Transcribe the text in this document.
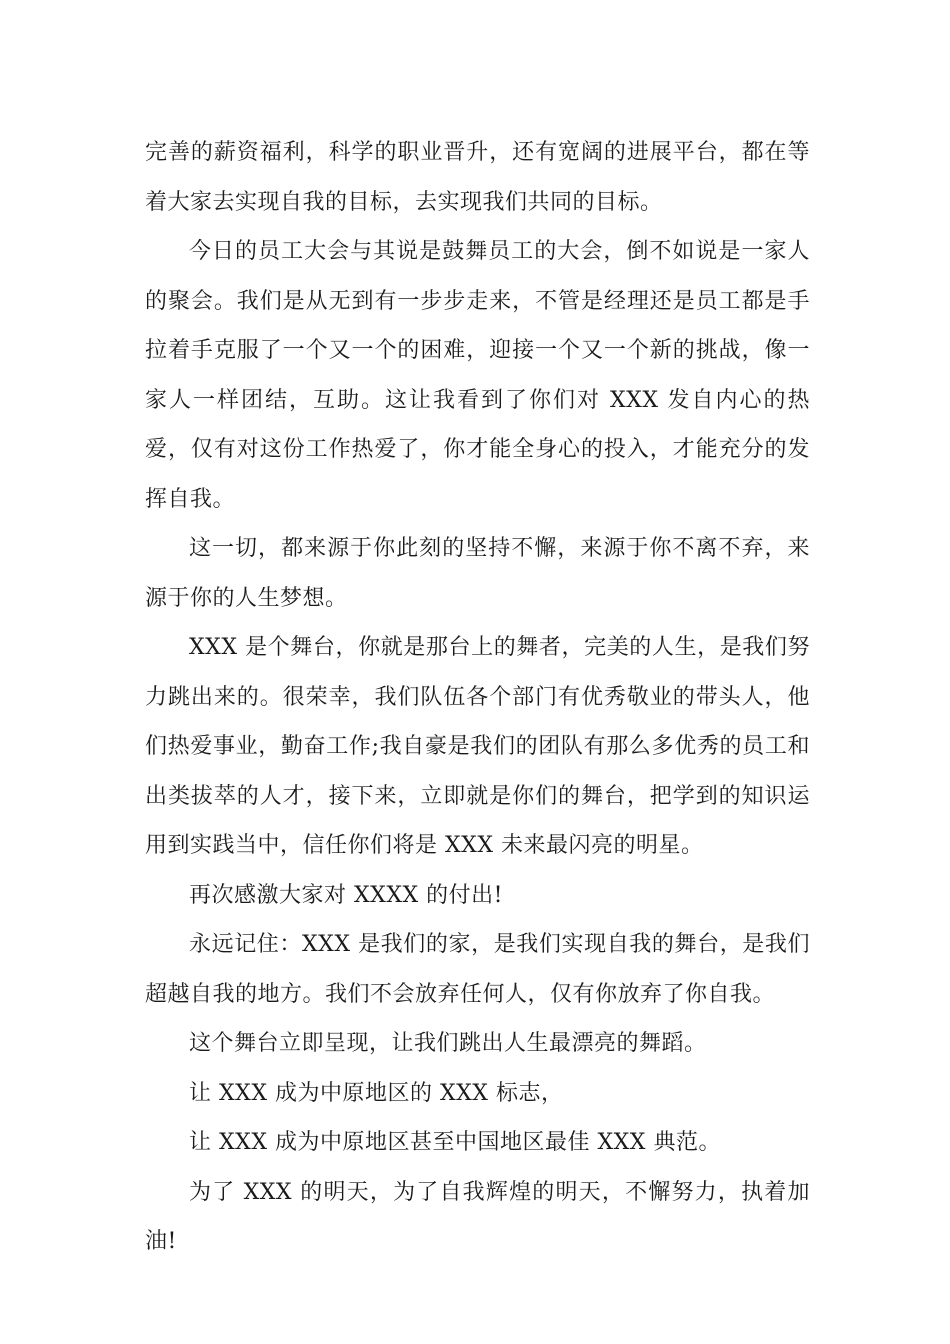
完善的薪资福利，科学的职业晋升，还有宽阔的进展平台，都在等着大家去实现自我的目标，去实现我们共同的目标。

今日的员工大会与其说是鼓舞员工的大会，倒不如说是一家人的聚会。我们是从无到有一步步走来，不管是经理还是员工都是手拉着手克服了一个又一个的困难，迎接一个又一个新的挑战，像一家人一样团结，互助。这让我看到了你们对 XXX 发自内心的热爱，仅有对这份工作热爱了，你才能全身心的投入，才能充分的发挥自我。

这一切，都来源于你此刻的坚持不懈，来源于你不离不弃，来源于你的人生梦想。

XXX 是个舞台，你就是那台上的舞者，完美的人生，是我们努力跳出来的。很荣幸，我们队伍各个部门有优秀敬业的带头人，他们热爱事业，勤奋工作;我自豪是我们的团队有那么多优秀的员工和出类拔萃的人才，接下来，立即就是你们的舞台，把学到的知识运用到实践当中，信任你们将是 XXX 未来最闪亮的明星。

再次感激大家对 XXXX 的付出!

永远记住：XXX 是我们的家，是我们实现自我的舞台，是我们超越自我的地方。我们不会放弃任何人，仅有你放弃了你自我。

这个舞台立即呈现，让我们跳出人生最漂亮的舞蹈。

让 XXX 成为中原地区的 XXX 标志，

让 XXX 成为中原地区甚至中国地区最佳 XXX 典范。

为了 XXX 的明天，为了自我辉煌的明天，不懈努力，执着加油!
